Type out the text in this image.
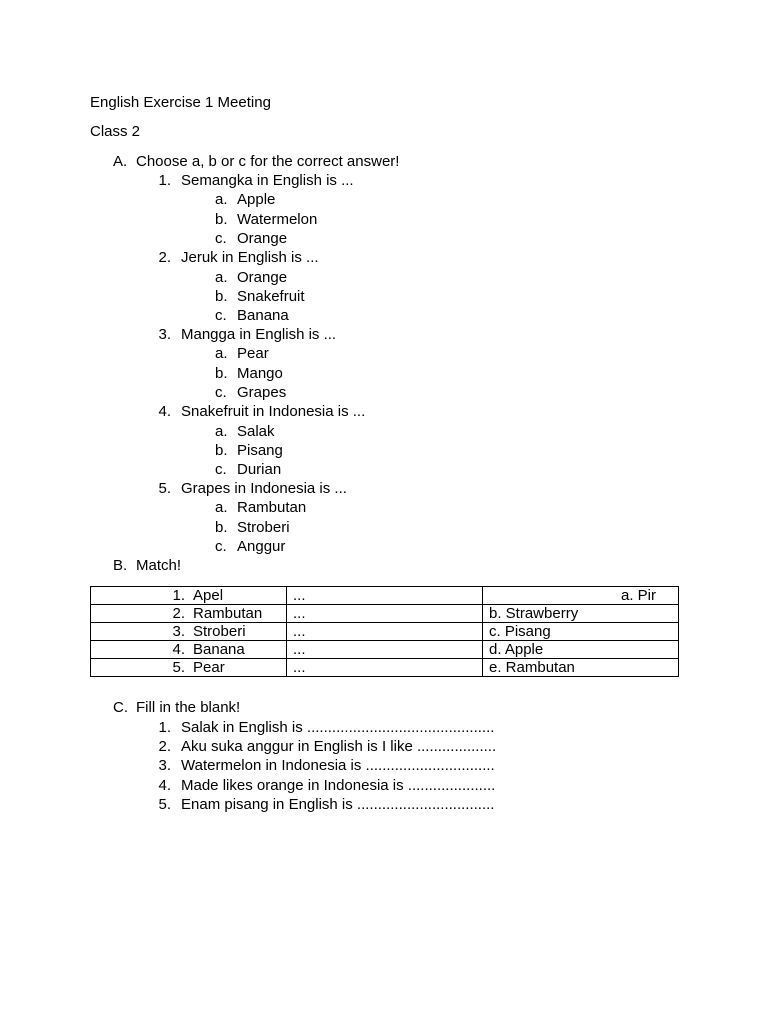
English Exercise 1 Meeting
Class 2
A. Choose a, b or c for the correct answer!
1. Semangka in English is ...
a. Apple
b. Watermelon
c. Orange
2. Jeruk in English is ...
a. Orange
b. Snakefruit
c. Banana
3. Mangga in English is ...
a. Pear
b. Mango
c. Grapes
4. Snakefruit in Indonesia is ...
a. Salak
b. Pisang
c. Durian
5. Grapes in Indonesia is ...
a. Rambutan
b. Stroberi
c. Anggur
B. Match!
1. Apel	...	a. Pir
2. Rambutan	...	b. Strawberry
3. Stroberi	...	c. Pisang
4. Banana	...	d. Apple
5. Pear	...	e. Rambutan
C. Fill in the blank!
1. Salak in English is .............................................
2. Aku suka anggur in English is I like ...................
3. Watermelon in Indonesia is ...............................
4. Made likes orange in Indonesia is .....................
5. Enam pisang in English is .................................
